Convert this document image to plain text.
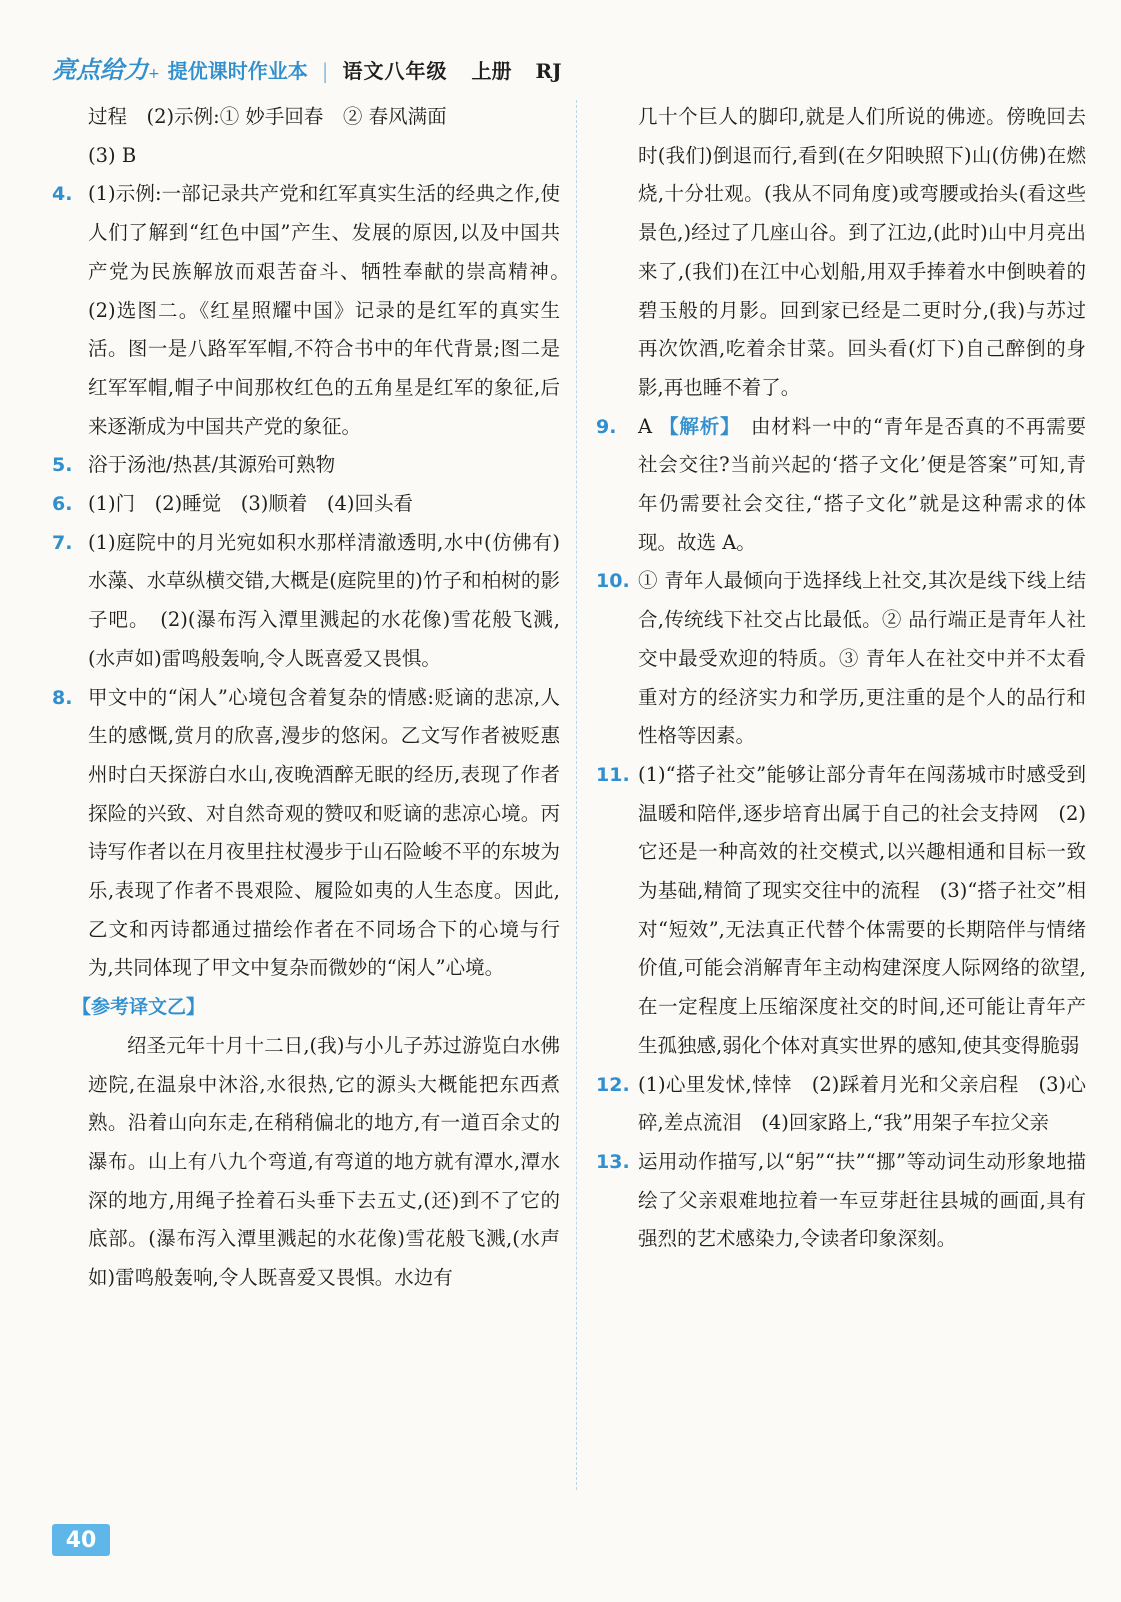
亮点给力 + 提优课时作业本 | 语文八年级 上册 RJ

过程　(2)示例:① 妙手回春　② 春风满面

(3) B

4. (1)示例:一部记录共产党和红军真实生活的经典之作,使人们了解到“红色中国”产生、发展的原因,以及中国共产党为民族解放而艰苦奋斗、牺牲奉献的崇高精神。　(2)选图二。《红星照耀中国》记录的是红军的真实生活。图一是八路军军帽,不符合书中的年代背景;图二是红军军帽,帽子中间那枚红色的五角星是红军的象征,后来逐渐成为中国共产党的象征。
5. 浴于汤池/热甚/其源殆可熟物
6. (1)门　(2)睡觉　(3)顺着　(4)回头看
7. (1)庭院中的月光宛如积水那样清澈透明,水中(仿佛有)水藻、水草纵横交错,大概是(庭院里的)竹子和柏树的影子吧。　(2)(瀑布泻入潭里溅起的水花像)雪花般飞溅,(水声如)雷鸣般轰响,令人既喜爱又畏惧。
8. 甲文中的“闲人”心境包含着复杂的情感:贬谪的悲凉,人生的感慨,赏月的欣喜,漫步的悠闲。乙文写作者被贬惠州时白天探游白水山,夜晚酒醉无眠的经历,表现了作者探险的兴致、对自然奇观的赞叹和贬谪的悲凉心境。丙诗写作者以在月夜里拄杖漫步于山石险峻不平的东坡为乐,表现了作者不畏艰险、履险如夷的人生态度。因此,乙文和丙诗都通过描绘作者在不同场合下的心境与行为,共同体现了甲文中复杂而微妙的“闲人”心境。
【参考译文乙】

绍圣元年十月十二日,(我)与小儿子苏过游览白水佛迹院,在温泉中沐浴,水很热,它的源头大概能把东西煮熟。沿着山向东走,在稍稍偏北的地方,有一道百余丈的瀑布。山上有八九个弯道,有弯道的地方就有潭水,潭水深的地方,用绳子拴着石头垂下去五丈,(还)到不了它的底部。(瀑布泻入潭里溅起的水花像)雪花般飞溅,(水声如)雷鸣般轰响,令人既喜爱又畏惧。水边有

几十个巨人的脚印,就是人们所说的佛迹。傍晚回去时(我们)倒退而行,看到(在夕阳映照下)山(仿佛)在燃烧,十分壮观。(我从不同角度)或弯腰或抬头(看这些景色,)经过了几座山谷。到了江边,(此时)山中月亮出来了,(我们)在江中心划船,用双手捧着水中倒映着的碧玉般的月影。回到家已经是二更时分,(我)与苏过再次饮酒,吃着余甘菜。回头看(灯下)自己醉倒的身影,再也睡不着了。

9.	A 【解析】　由材料一中的“青年是否真的不再需要社会交往?当前兴起的‘搭子文化’便是答案”可知,青年仍需要社会交往,“搭子文化”就是这种需求的体现。故选 A。
10. ① 青年人最倾向于选择线上社交,其次是线下线上结合,传统线下社交占比最低。② 品行端正是青年人社交中最受欢迎的特质。③ 青年人在社交中并不太看重对方的经济实力和学历,更注重的是个人的品行和性格等因素。
11. (1)“搭子社交”能够让部分青年在闯荡城市时感受到温暖和陪伴,逐步培育出属于自己的社会支持网　(2)它还是一种高效的社交模式,以兴趣相通和目标一致为基础,精简了现实交往中的流程　(3)“搭子社交”相对“短效”,无法真正代替个体需要的长期陪伴与情绪价值,可能会消解青年主动构建深度人际网络的欲望,在一定程度上压缩深度社交的时间,还可能让青年产生孤独感,弱化个体对真实世界的感知,使其变得脆弱
12. (1)心里发怵,悻悻　(2)踩着月光和父亲启程　(3)心碎,差点流泪　(4)回家路上,“我”用架子车拉父亲
13. 运用动作描写,以“躬”“扶”“挪”等动词生动形象地描绘了父亲艰难地拉着一车豆芽赶往县城的画面,具有强烈的艺术感染力,令读者印象深刻。
40
